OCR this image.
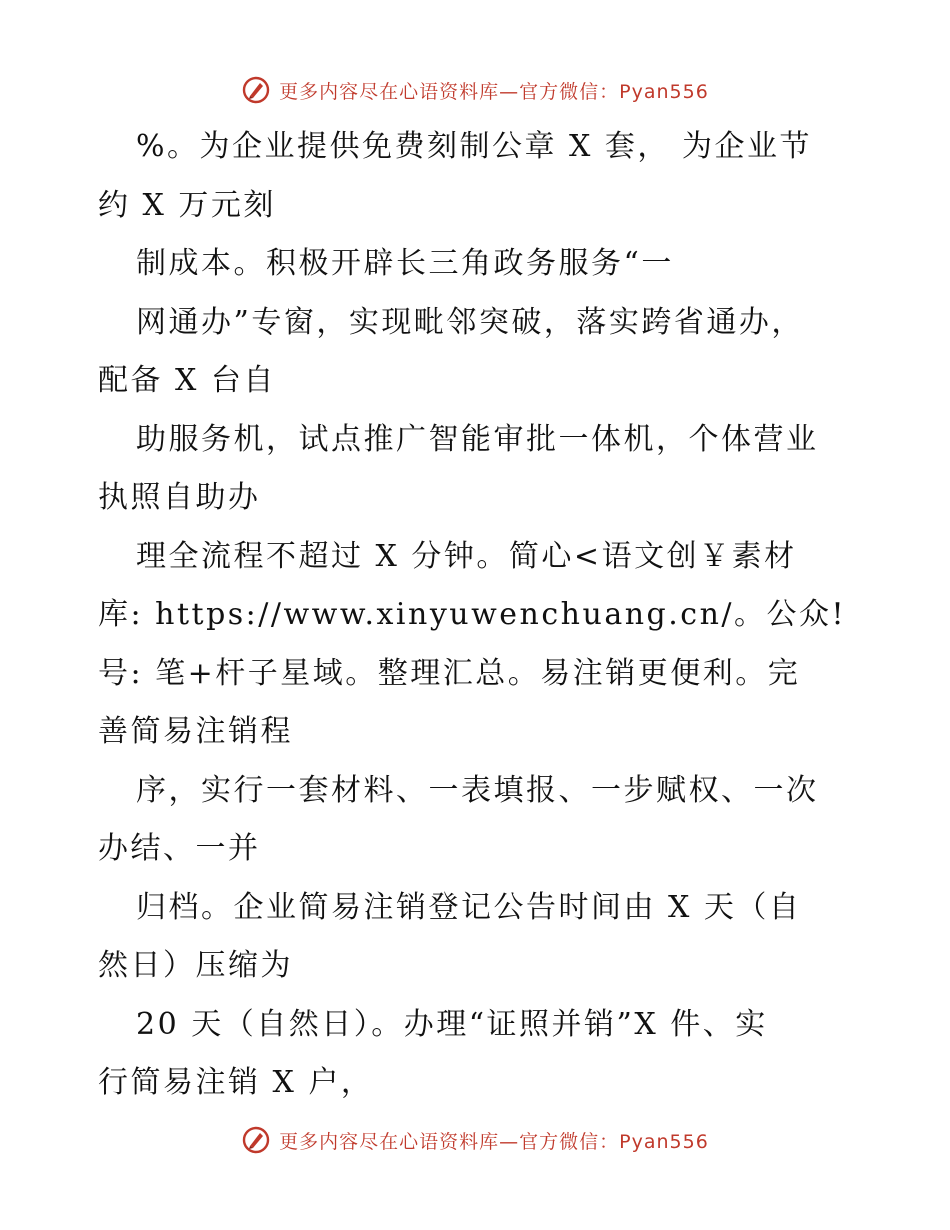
更多内容尽在心语资料库—官方微信：Pyan556
%。为企业提供免费刻制公章 X 套， 为企业节
约 X 万元刻
制成本。积极开辟长三角政务服务“一
网通办”专窗，实现毗邻突破，落实跨省通办，
配备 X 台自
助服务机，试点推广智能审批一体机，个体营业
执照自助办
理全流程不超过 X 分钟。简心<语文创￥素材
库: https://www.xinyuwenchuang.cn/。公众!
号: 笔+杆子星域。整理汇总。易注销更便利。完
善简易注销程
序，实行一套材料、一表填报、一步赋权、一次
办结、一并
归档。企业简易注销登记公告时间由 X 天（自
然日）压缩为
20 天（自然日）。办理“证照并销”X 件、实
行简易注销 X 户，
更多内容尽在心语资料库—官方微信：Pyan556
